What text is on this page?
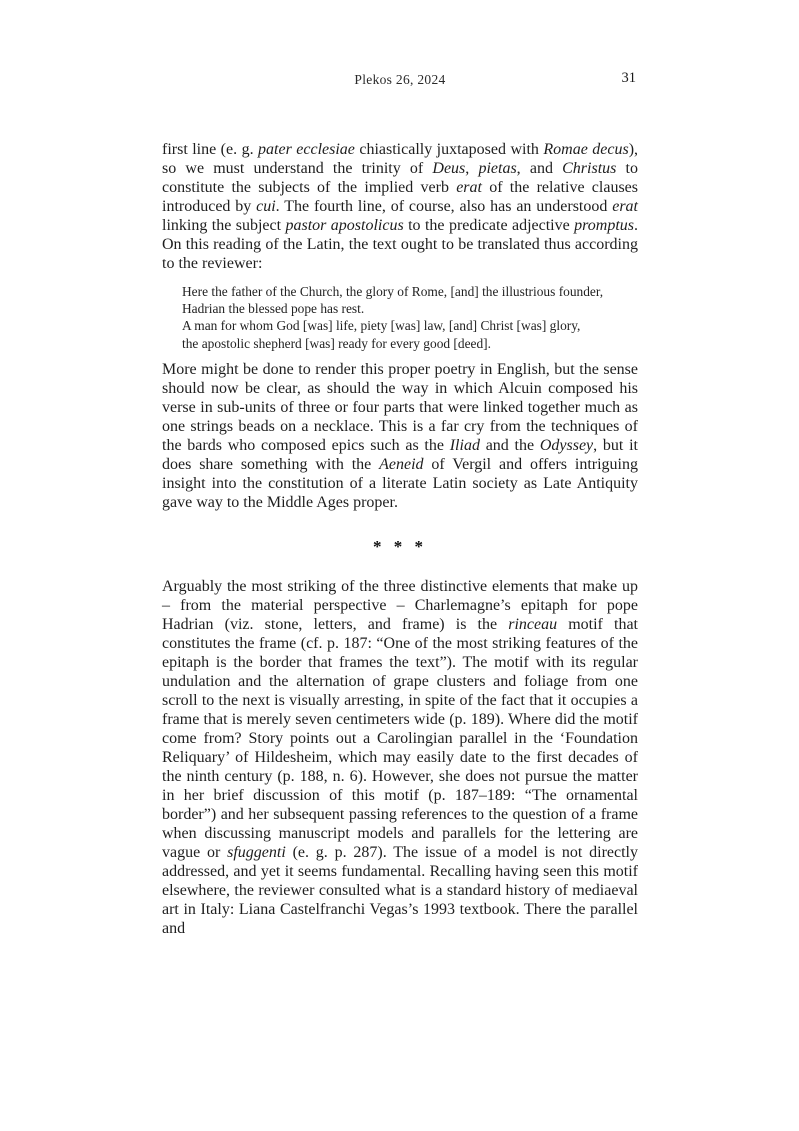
Plekos 26, 2024	31

first line (e. g. pater ecclesiae chiastically juxtaposed with Romae decus), so we must understand the trinity of Deus, pietas, and Christus to constitute the subjects of the implied verb erat of the relative clauses introduced by cui. The fourth line, of course, also has an understood erat linking the subject pastor apostolicus to the predicate adjective promptus. On this reading of the Latin, the text ought to be translated thus according to the reviewer:

Here the father of the Church, the glory of Rome, [and] the illustrious founder,
Hadrian the blessed pope has rest.
A man for whom God [was] life, piety [was] law, [and] Christ [was] glory,
the apostolic shepherd [was] ready for every good [deed].

More might be done to render this proper poetry in English, but the sense should now be clear, as should the way in which Alcuin composed his verse in sub-units of three or four parts that were linked together much as one strings beads on a necklace. This is a far cry from the techniques of the bards who composed epics such as the Iliad and the Odyssey, but it does share something with the Aeneid of Vergil and offers intriguing insight into the constitution of a literate Latin society as Late Antiquity gave way to the Middle Ages proper.

* * *

Arguably the most striking of the three distinctive elements that make up – from the material perspective – Charlemagne’s epitaph for pope Hadrian (viz. stone, letters, and frame) is the rinceau motif that constitutes the frame (cf. p. 187: “One of the most striking features of the epitaph is the border that frames the text”). The motif with its regular undulation and the alternation of grape clusters and foliage from one scroll to the next is visually arresting, in spite of the fact that it occupies a frame that is merely seven centimeters wide (p. 189). Where did the motif come from? Story points out a Carolingian parallel in the ‘Foundation Reliquary’ of Hildesheim, which may easily date to the first decades of the ninth century (p. 188, n. 6). However, she does not pursue the matter in her brief discussion of this motif (p. 187–189: “The ornamental border”) and her subsequent passing references to the question of a frame when discussing manuscript models and parallels for the lettering are vague or sfuggenti (e. g. p. 287). The issue of a model is not directly addressed, and yet it seems fundamental. Recalling having seen this motif elsewhere, the reviewer consulted what is a standard history of mediaeval art in Italy: Liana Castelfranchi Vegas’s 1993 textbook. There the parallel and
